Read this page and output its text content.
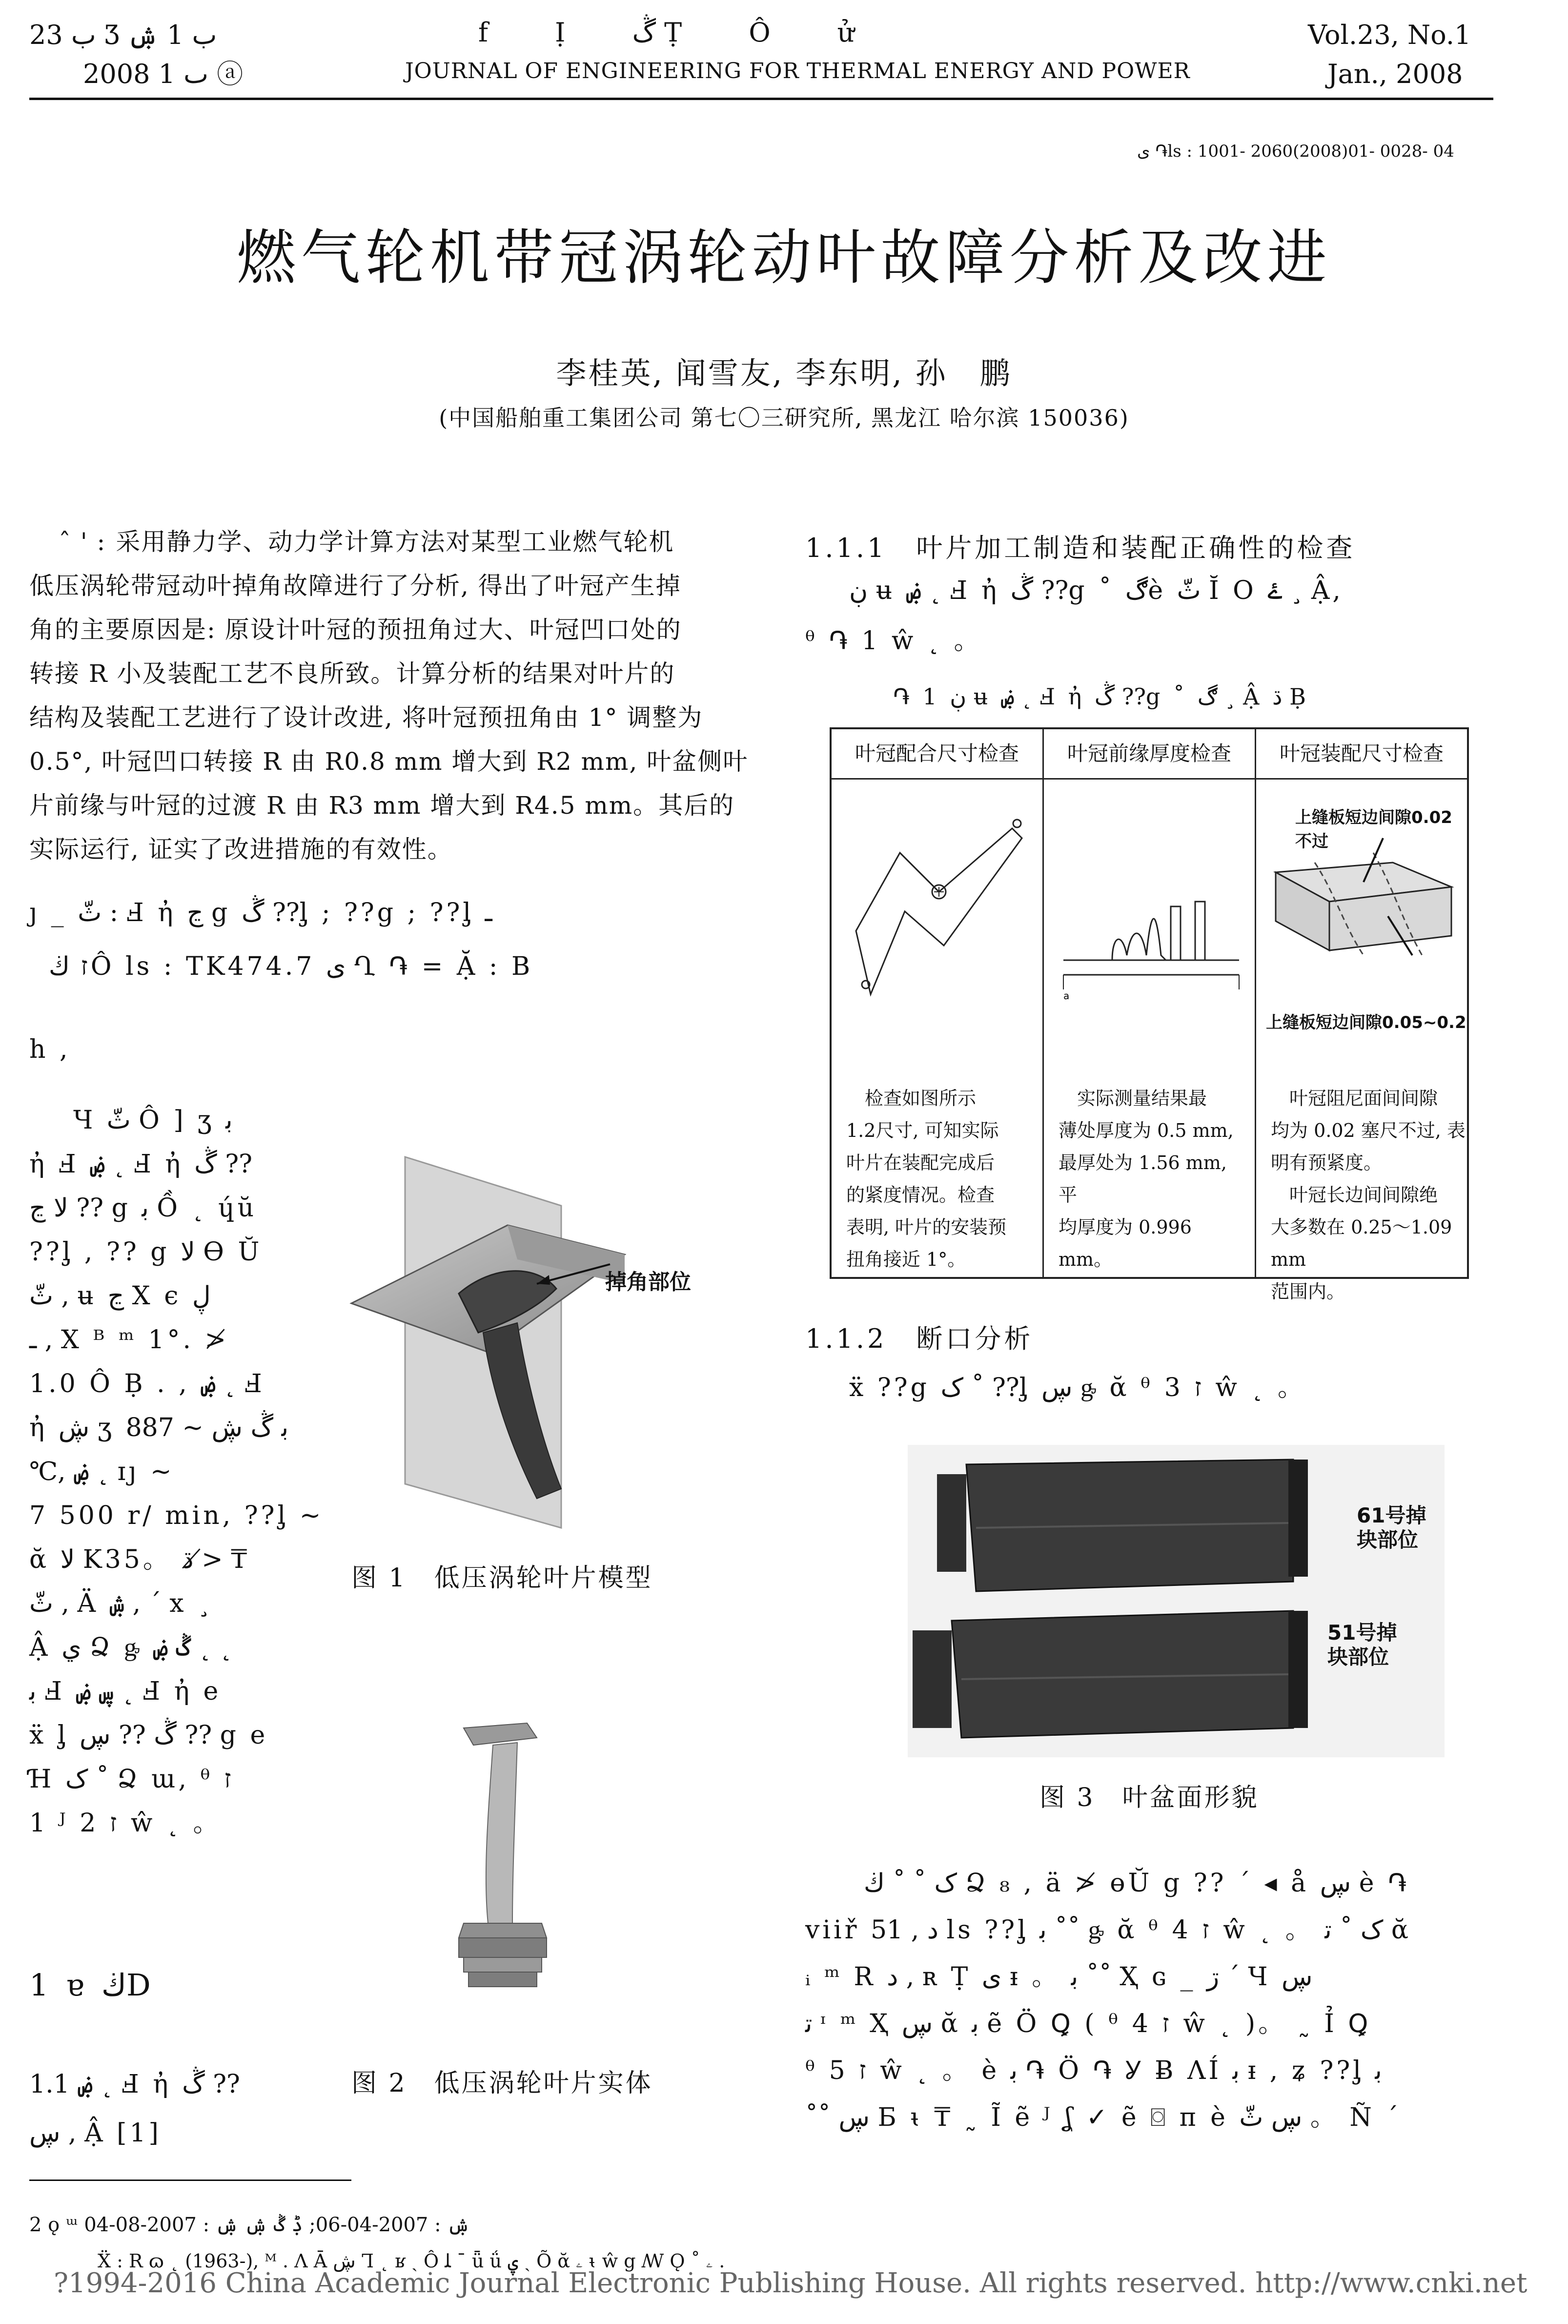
ب 23 Ʒ ب 1 ۺ
2008 ٮ 1 ⓐ
f Ị ڴ Ṭ Ô ử
JOURNAL OF ENGINEERING FOR THERMAL ENERGY AND POWER
Vol.23, No.1
Jan., 2008
ى ֏ls : 1001- 2060(2008)01- 0028- 04
燃气轮机带冠涡轮动叶故障分析及改进
李桂英, 闻雪友, 李东明, 孙　鹏
(中国船舶重工集团公司 第七〇三研究所, 黑龙江 哈尔滨 150036)
ˆ ' : 采用静力学、动力学计算方法对某型工业燃气轮机
低压涡轮带冠动叶掉角故障进行了分析, 得出了叶冠产生掉
角的主要原因是: 原设计叶冠的预扭角过大、叶冠凹口处的
转接 R 小及装配工艺不良所致。计算分析的结果对叶片的
结构及装配工艺进行了设计改进, 将叶冠预扭角由 1° 调整为
0.5°, 叶冠凹口转接 R 由 R0.8 mm 增大到 R2 mm, 叶盆侧叶
片前缘与叶冠的过渡 R 由 R3 mm 增大到 R4.5 mm。其后的
实际运行, 证实了改进措施的有效性。
ȷ _ ثّ : Ⅎ ἠ ڃ g ڴ ??ᶅ ; ??g ; ??ᶅ ـ
ז ڬÔ ls : TK474.7 ى Ղ ֏ = Ặ : B
h ,
Ɥ ثّ Ô ] ʒ ﺑ
ἠ Ⅎ ۻ ˛ Ⅎ ἠ ڴ ??
ﻻ ڃ ?? g ﺑ Ồ ˛ ɥ́ŭ
??ᶅ , ?? g ﻻ Ɵ Ŭ
ثّ , ʉ ڃ X ϵ ڸ
ـ , X ᴮ ᵐ 1°. ≯
1.0 Ô Ḅ . , ۻ ˛ Ⅎ
ἠ ڜ ʒ ﺑ ڴ ڜ ~ 887
℃, ۻ ˛ ɪȷ ~
7 500 r/ min, ??ᶅ ~
ᾰ ﻻ K35。 ڌ ≯ ₸
ثّ , Ä ۺ , ˊ x ¸
Ậ ي Ձ ᶃ ڴ ۻ ˛ ˛
ﺑ Ⅎ ڛ ۻ ˛ Ⅎ ἠ e
ẍ ᶅ ڴ ?? ڛ ?? g e
Ɦ ک ˚ Ձ ɯ, ᶿ ז
1 ᴶ ז 2 ŵ ˛ 。
1 ɐ ڬD
1.1 ۻ ˛ Ⅎ ἠ ڴ ??
ڛ , Ậ [1]
掉角部位
图 1　低压涡轮叶片模型
图 2　低压涡轮叶片实体
1.1.1　叶片加工制造和装配正确性的检查
ڹ ʉ ۻ ˛ Ⅎ ἠ ڴ ??g ˚ ڰè ثّ Ĭ O ۓ ¸ Ậ,
ᶿ ֏ 1 ŵ ˛ 。
֏ 1 ڹ ʉ ۻ ˛ Ⅎ ἠ ڴ ??g ˚ ڰ ¸ Ậ ڌ Ḅ
叶冠配合尺寸检查	叶冠前缘厚度检查	叶冠装配尺寸检查
　检查如图所示
1.2尺寸, 可知实际
叶片在装配完成后
的紧度情况。检查
表明, 叶片的安装预
扭角接近 1°。
a
　实际测量结果最
薄处厚度为 0.5 mm,
最厚处为 1.56 mm, 平
均厚度为 0.996 mm。
上缝板短边间隙0.02不过
上缝板短边间隙0.05~0.2
　叶冠阻尼面间间隙
均为 0.02 塞尺不过, 表
明有预紧度。
　叶冠长边间间隙绝
大多数在 0.25～1.09 mm
范围内。
1.1.2　断口分析
ẍ ??g ک ˚ ??ᶅ ڛ ᶃ ᾰ ᶿ ז 3 ŵ ˛ 。
61号掉
块部位
51号掉
块部位
图 3　叶盆面形貌
ک ˚ ˚ ڬ Ձ ₈ , ä ≯ ɵŬ g ?? ˊ ◂ å ڛ è ֏
viiř ﺩ , 51 ls ??ᶅ ﺑ ˚˚ ᶃ ᾰ ᶿ ז 4 ŵ ˛ 。 ک ˚ ﺗ ᾰ
ᵢ ᵐ R ﺩ , ʀ Ṭ ﻯ ᵻ 。 ﺑ ˚˚ Ҳ ɢ _ ڗ ˊ Ч ڛ
ﺗ ᶦ ᵐ Ҳ ڛ ᾰ ﺑ ẽ Ö Ꝗ ( ᶿ ז 4 ŵ ˛ )。 ˷ Ỉ Ꝗ
ᶿ ז 5 ŵ ˛ 。 è ﺑ ֏ Ö ֏ Ỿ Ƀ ɅÍ ﺑ ᵻ , ʑ ??ᶅ ﺑ
˚˚ ڛ Ƃ ᵼ ₸ ˷ Ĩ ẽ ᴶ ʆ ✓ ẽ ⌼ п è ڛ ثّ 。 Ñ ˊ
2 ǫ ᵚ ۺ : 2007-04-06; ڋ ڴ ۺ ۺ : 2007-08-04
Ẍ : R ɷ ˛ (1963-), ᴹ . Λ Ā ڜ Ꞁ ˛ ʁ ˏ Ô ﻠ ˉ ǖ ǘ ۑ ˏ Õ ᾰ ۦ ᵼ ŵ g ꟿ Ǫ ˚ ۦ .
?1994-2016 China Academic Journal Electronic Publishing House. All rights reserved. http://www.cnki.net
